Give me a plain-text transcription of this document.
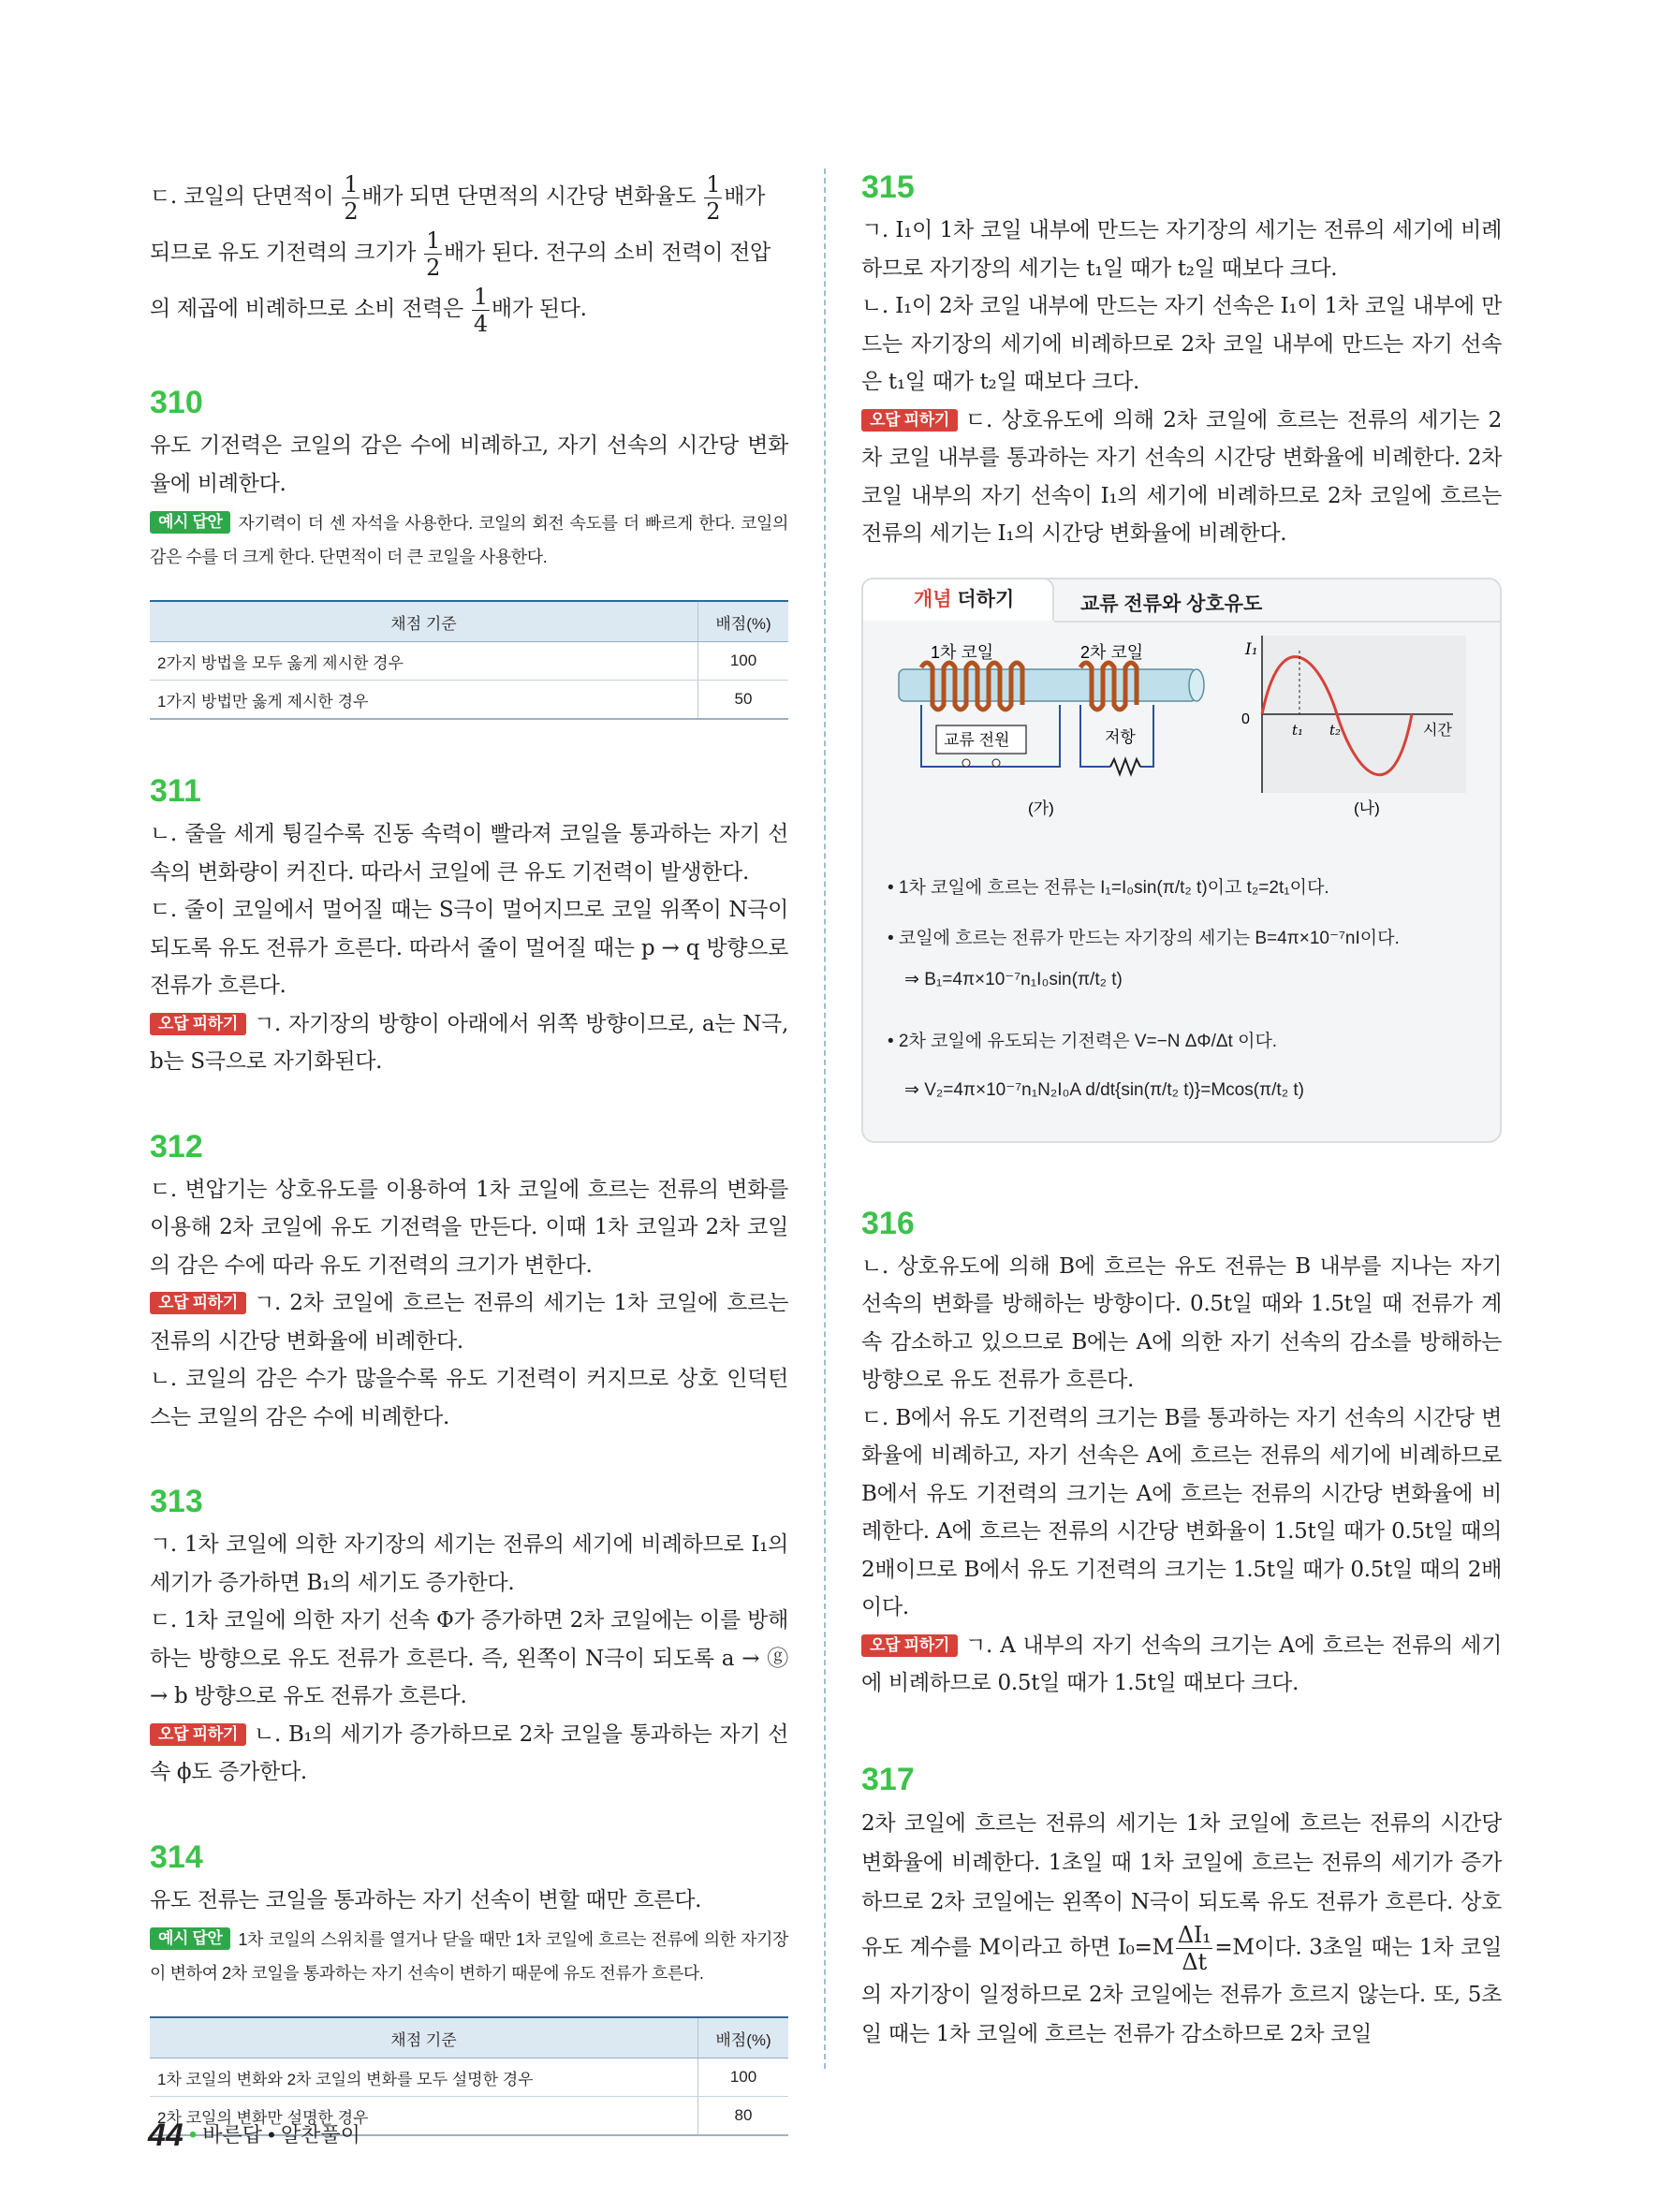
ㄷ. 코일의 단면적이 $\frac{1}{2}$ 배가 되면 단면적의 시간당 변화율도 $\frac{1}{2}$ 배가

되므로 유도 기전력의 크기가 $\frac{1}{2}$ 배가 된다. 전구의 소비 전력이 전압

의 제곱에 비례하므로 소비 전력은 $\frac{1}{4}$ 배가 된다.

310

유도 기전력은 코일의 감은 수에 비례하고, 자기 선속의 시간당 변화율에 비례한다.

예시 답안 자기력이 더 센 자석을 사용한다. 코일의 회전 속도를 더 빠르게 한다. 코일의 감은 수를 더 크게 한다. 단면적이 더 큰 코일을 사용한다.

채점 기준	배점(%)
2가지 방법을 모두 옳게 제시한 경우	100
1가지 방법만 옳게 제시한 경우	50
311

ㄴ. 줄을 세게 튕길수록 진동 속력이 빨라져 코일을 통과하는 자기 선속의 변화량이 커진다. 따라서 코일에 큰 유도 기전력이 발생한다.

ㄷ. 줄이 코일에서 멀어질 때는 S극이 멀어지므로 코일 위쪽이 N극이 되도록 유도 전류가 흐른다. 따라서 줄이 멀어질 때는 p → q 방향으로 전류가 흐른다.

오답 피하기 ㄱ. 자기장의 방향이 아래에서 위쪽 방향이므로, a는 N극, b는 S극으로 자기화된다.

312

ㄷ. 변압기는 상호유도를 이용하여 1차 코일에 흐르는 전류의 변화를 이용해 2차 코일에 유도 기전력을 만든다. 이때 1차 코일과 2차 코일의 감은 수에 따라 유도 기전력의 크기가 변한다.

오답 피하기 ㄱ. 2차 코일에 흐르는 전류의 세기는 1차 코일에 흐르는 전류의 시간당 변화율에 비례한다.

ㄴ. 코일의 감은 수가 많을수록 유도 기전력이 커지므로 상호 인덕턴스는 코일의 감은 수에 비례한다.

313

ㄱ. 1차 코일에 의한 자기장의 세기는 전류의 세기에 비례하므로 I₁의 세기가 증가하면 B₁의 세기도 증가한다.

ㄷ. 1차 코일에 의한 자기 선속 Φ가 증가하면 2차 코일에는 이를 방해하는 방향으로 유도 전류가 흐른다. 즉, 왼쪽이 N극이 되도록 a → ⓖ → b 방향으로 유도 전류가 흐른다.

오답 피하기 ㄴ. B₁의 세기가 증가하므로 2차 코일을 통과하는 자기 선속 ϕ도 증가한다.

314

유도 전류는 코일을 통과하는 자기 선속이 변할 때만 흐른다.

예시 답안 1차 코일의 스위치를 열거나 닫을 때만 1차 코일에 흐르는 전류에 의한 자기장이 변하여 2차 코일을 통과하는 자기 선속이 변하기 때문에 유도 전류가 흐른다.

채점 기준	배점(%)
1차 코일의 변화와 2차 코일의 변화를 모두 설명한 경우	100
2차 코일의 변화만 설명한 경우	80
315

ㄱ. I₁이 1차 코일 내부에 만드는 자기장의 세기는 전류의 세기에 비례하므로 자기장의 세기는 t₁일 때가 t₂일 때보다 크다.

ㄴ. I₁이 2차 코일 내부에 만드는 자기 선속은 I₁이 1차 코일 내부에 만드는 자기장의 세기에 비례하므로 2차 코일 내부에 만드는 자기 선속은 t₁일 때가 t₂일 때보다 크다.

오답 피하기 ㄷ. 상호유도에 의해 2차 코일에 흐르는 전류의 세기는 2차 코일 내부를 통과하는 자기 선속의 시간당 변화율에 비례한다. 2차 코일 내부의 자기 선속이 I₁의 세기에 비례하므로 2차 코일에 흐르는 전류의 세기는 I₁의 시간당 변화율에 비례한다.

개념 더하기	교류 전류와 상호유도
1차 코일	2차 코일
교류 전원	저항
(가)
I₁
0
t₁ t₂	시간
(나)
• 1차 코일에 흐르는 전류는 I₁=I₀sin(π/t₂ t)이고 t₂=2t₁이다.
• 코일에 흐르는 전류가 만드는 자기장의 세기는 B=4π×10⁻⁷nI이다.
⇒ B₁=4π×10⁻⁷n₁I₀sin(π/t₂ t)
• 2차 코일에 유도되는 기전력은 V=−N ΔΦ/Δt 이다.
⇒ V₂=4π×10⁻⁷n₁N₂I₀A d/dt{sin(π/t₂ t)}=Mcos(π/t₂ t)
316

ㄴ. 상호유도에 의해 B에 흐르는 유도 전류는 B 내부를 지나는 자기 선속의 변화를 방해하는 방향이다. 0.5t일 때와 1.5t일 때 전류가 계속 감소하고 있으므로 B에는 A에 의한 자기 선속의 감소를 방해하는 방향으로 유도 전류가 흐른다.

ㄷ. B에서 유도 기전력의 크기는 B를 통과하는 자기 선속의 시간당 변화율에 비례하고, 자기 선속은 A에 흐르는 전류의 세기에 비례하므로 B에서 유도 기전력의 크기는 A에 흐르는 전류의 시간당 변화율에 비례한다. A에 흐르는 전류의 시간당 변화율이 1.5t일 때가 0.5t일 때의 2배이므로 B에서 유도 기전력의 크기는 1.5t일 때가 0.5t일 때의 2배이다.

오답 피하기 ㄱ. A 내부의 자기 선속의 크기는 A에 흐르는 전류의 세기에 비례하므로 0.5t일 때가 1.5t일 때보다 크다.

317

2차 코일에 흐르는 전류의 세기는 1차 코일에 흐르는 전류의 시간당 변화율에 비례한다. 1초일 때 1차 코일에 흐르는 전류의 세기가 증가하므로 2차 코일에는 왼쪽이 N극이 되도록 유도 전류가 흐른다. 상호유도 계수를 M이라고 하면 $I_0=M \frac{\text{ΔI₁}}{\Delta t} =M$이다. 3초일 때는 1차 코일의 자기장이 일정하므로 2차 코일에는 전류가 흐르지 않는다. 또, 5초일 때는 1차 코일에 흐르는 전류가 감소하므로 2차 코일

44 • 바른답 • 알찬풀이
